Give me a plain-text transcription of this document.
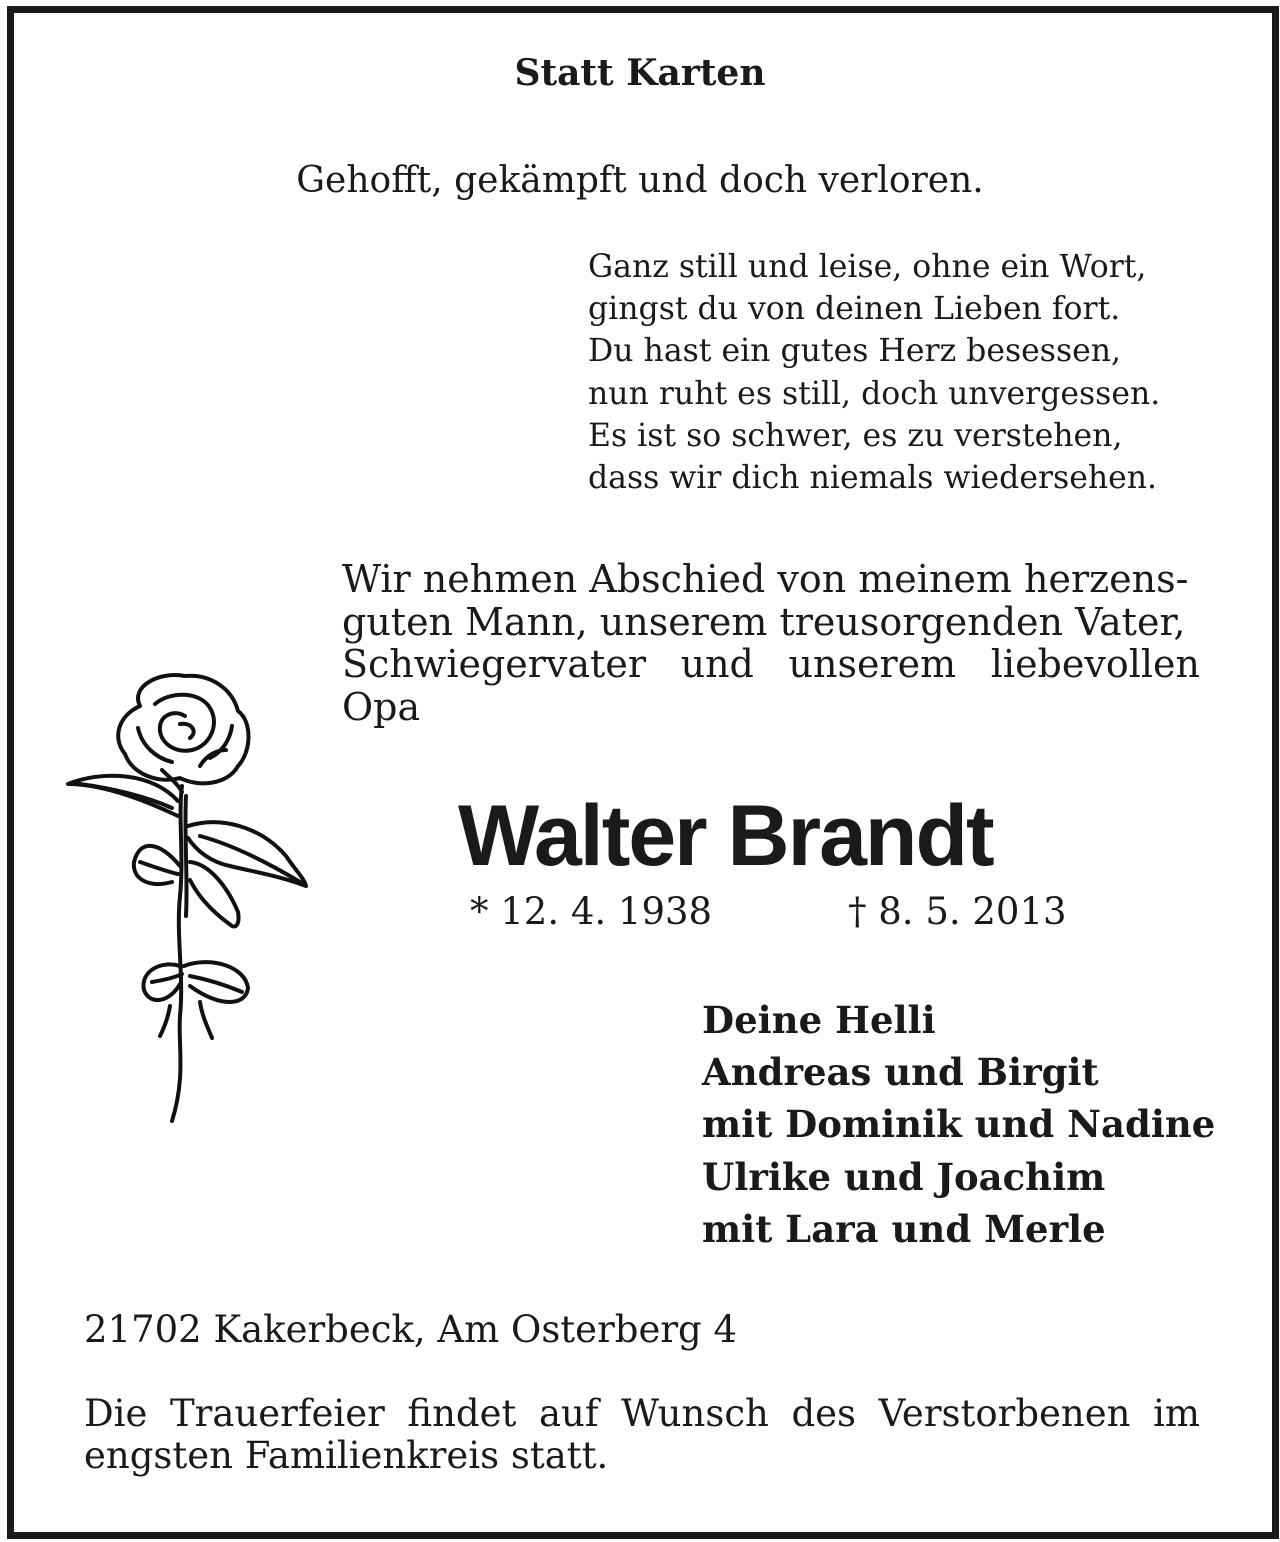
Statt Karten
Gehofft, gekämpft und doch verloren.
Ganz still und leise, ohne ein Wort,
gingst du von deinen Lieben fort.
Du hast ein gutes Herz besessen,
nun ruht es still, doch unvergessen.
Es ist so schwer, es zu verstehen,
dass wir dich niemals wiedersehen.
Wir nehmen Abschied von meinem herzens-
guten Mann, unserem treusorgenden Vater,
Schwiegervater und unserem liebevollen
Opa
Walter Brandt
* 12. 4. 1938	† 8. 5. 2013
Deine Helli
Andreas und Birgit
mit Dominik und Nadine
Ulrike und Joachim
mit Lara und Merle
21702 Kakerbeck, Am Osterberg 4
Die Trauerfeier findet auf Wunsch des Verstorbenen im
engsten Familienkreis statt.
